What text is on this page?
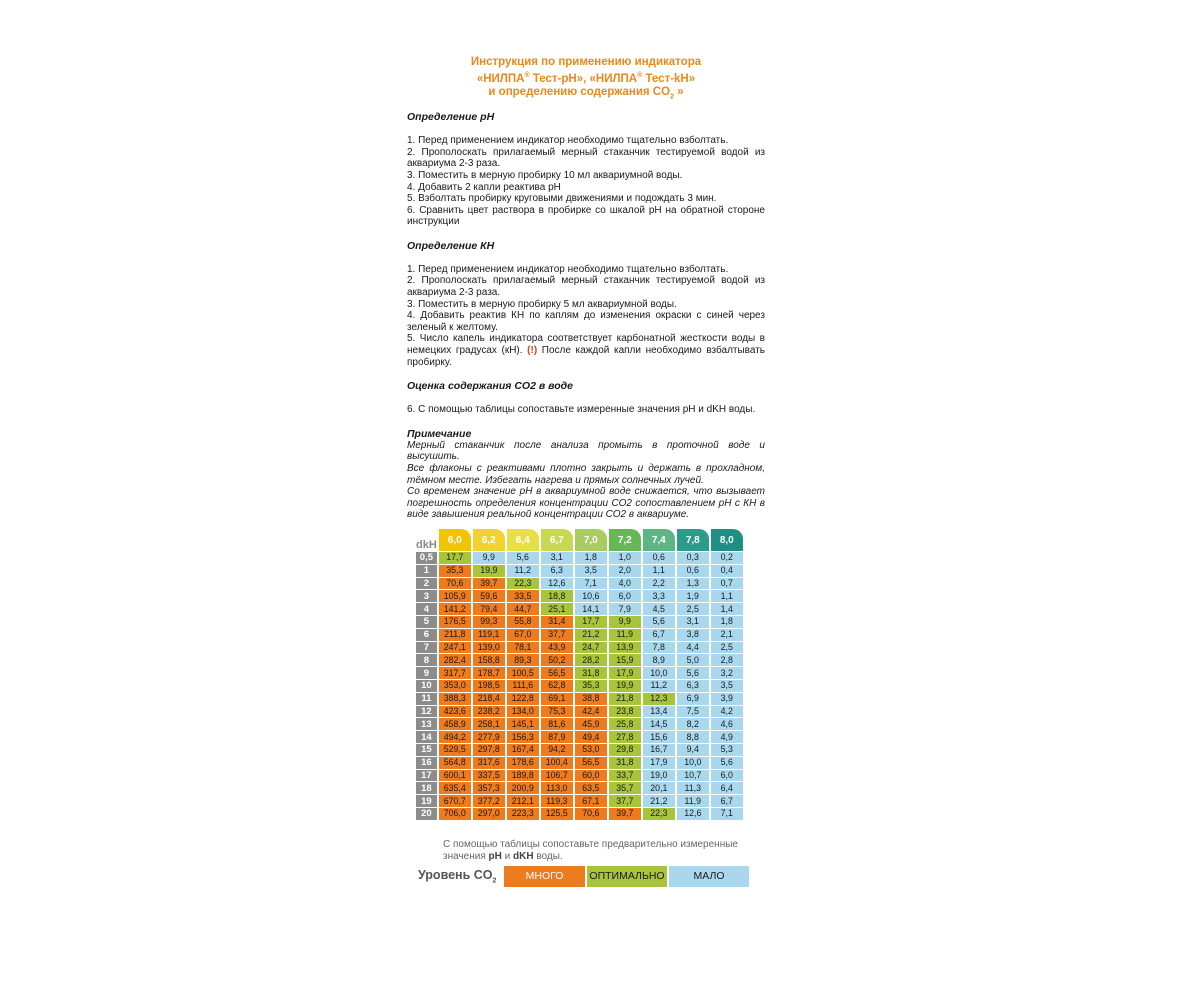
Инструкция по применению индикатора
«НИЛПА® Тест-pH», «НИЛПА® Тест-kH»
и определению содержания $CO_2$ »
Определение pH

1. Перед применением индикатор необходимо тщательно взболтать.

2. Прополоскать прилагаемый мерный стаканчик тестируемой водой из аквариума 2-3 раза.

3. Поместить в мерную пробирку 10 мл аквариумной воды.

4. Добавить 2 капли реактива pH

5. Взболтать пробирку круговыми движениями и подождать 3 мин.

6. Сравнить цвет раствора в пробирке со шкалой pH на обратной стороне инструкции

Определение КН

1. Перед применением индикатор необходимо тщательно взболтать.

2. Прополоскать прилагаемый мерный стаканчик тестируемой водой из аквариума 2-3 раза.

3. Поместить в мерную пробирку 5 мл аквариумной воды.

4. Добавить реактив КН по каплям до изменения окраски с синей через зеленый к желтому.

5. Число капель индикатора соответствует карбонатной жесткости воды в немецких градусах (кН). (!) После каждой капли необходимо взбалтывать пробирку.

Оценка содержания СО2 в воде

6. С помощью таблицы сопоставьте измеренные значения pH и dKH воды.

Примечание

Мерный стаканчик после анализа промыть в проточной воде и высушить.

Все флаконы с реактивами плотно закрыть и держать в прохладном, тёмном месте. Избегать нагрева и прямых солнечных лучей.

Со временем значение pH в аквариумной воде снижается, что вызывает погрешность определения концентрации СО2 сопоставлением pH с КН в виде завышения реальной концентрации СО2 в аквариуме.

dkH	6,0	6,2	6,4	6,7	7,0	7,2	7,4	7,8	8,0
0,5	17,7	9,9	5,6	3,1	1,8	1,0	0,6	0,3	0,2
1	35,3	19,9	11,2	6,3	3,5	2,0	1,1	0,6	0,4
2	70,6	39,7	22,3	12,6	7,1	4,0	2,2	1,3	0,7
3	105,9	59,6	33,5	18,8	10,6	6,0	3,3	1,9	1,1
4	141,2	79,4	44,7	25,1	14,1	7,9	4,5	2,5	1,4
5	176,5	99,3	55,8	31,4	17,7	9,9	5,6	3,1	1,8
6	211,8	119,1	67,0	37,7	21,2	11,9	6,7	3,8	2,1
7	247,1	139,0	78,1	43,9	24,7	13,9	7,8	4,4	2,5
8	282,4	158,8	89,3	50,2	28,2	15,9	8,9	5,0	2,8
9	317,7	178,7	100,5	56,5	31,8	17,9	10,0	5,6	3,2
10	353,0	198,5	111,6	62,8	35,3	19,9	11,2	6,3	3,5
11	388,3	218,4	122,8	69,1	38,8	21,8	12,3	6,9	3,9
12	423,6	238,2	134,0	75,3	42,4	23,8	13,4	7,5	4,2
13	458,9	258,1	145,1	81,6	45,9	25,8	14,5	8,2	4,6
14	494,2	277,9	156,3	87,9	49,4	27,8	15,6	8,8	4,9
15	529,5	297,8	167,4	94,2	53,0	29,8	16,7	9,4	5,3
16	564,8	317,6	178,6	100,4	56,5	31,8	17,9	10,0	5,6
17	600,1	337,5	189,8	106,7	60,0	33,7	19,0	10,7	6,0
18	635,4	357,3	200,9	113,0	63,5	35,7	20,1	11,3	6,4
19	670,7	377,2	212,1	119,3	67,1	37,7	21,2	11,9	6,7
20	706,0	297,0	223,3	125,5	70,6	39,7	22,3	12,6	7,1
С помощью таблицы сопоставьте предварительно измеренные значения pH и dKH воды.
Уровень $CO_2$	МНОГО	ОПТИМАЛЬНО	МАЛО
